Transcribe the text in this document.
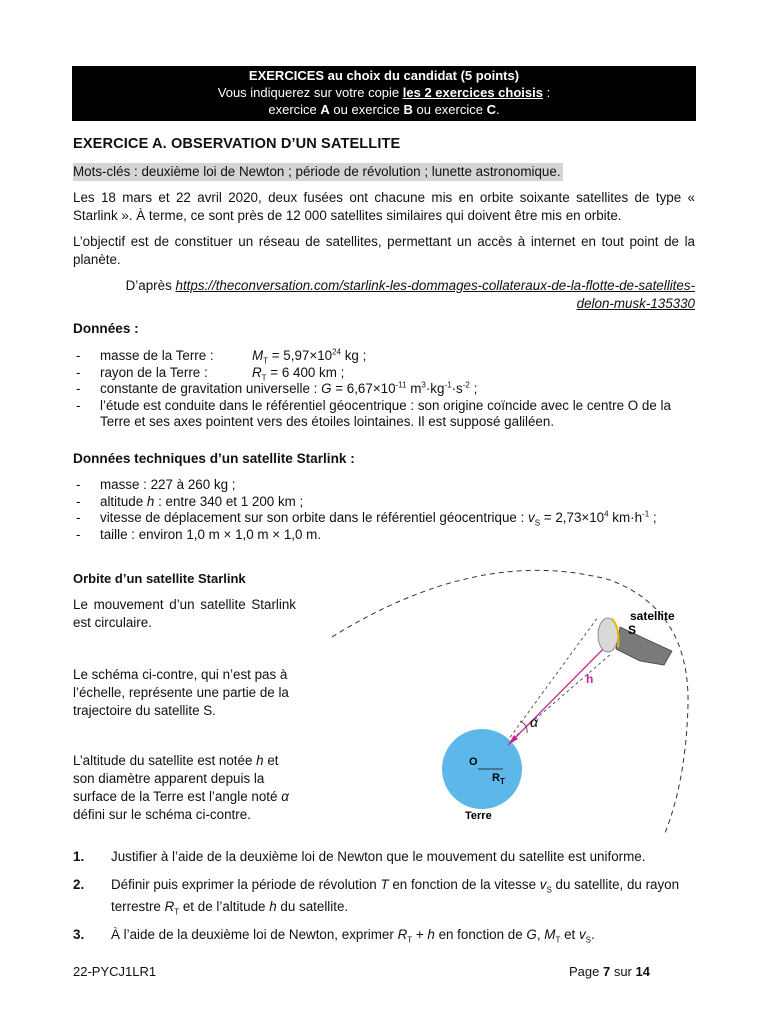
EXERCICES au choix du candidat (5 points)
Vous indiquerez sur votre copie les 2 exercices choisis :
exercice A ou exercice B ou exercice C.
EXERCICE A. OBSERVATION D’UN SATELLITE
Mots-clés : deuxième loi de Newton ; période de révolution ; lunette astronomique.
Les 18 mars et 22 avril 2020, deux fusées ont chacune mis en orbite soixante satellites de type « Starlink ». À terme, ce sont près de 12 000 satellites similaires qui doivent être mis en orbite.
L’objectif est de constituer un réseau de satellites, permettant un accès à internet en tout point de la planète.
D’après https://theconversation.com/starlink-les-dommages-collateraux-de-la-flotte-de-satellites-
delon-musk-135330
Données :
- masse de la Terre :	$M_T = 5,97\times 10^{24}$ kg ;
- rayon de la Terre :	$R_T = 6$ 400 km ;
- constante de gravitation universelle : $G = 6,67\times 10^{-11}$ $m^3\cdot kg^{-1}\cdot s^{-2}$ ;
- l’étude est conduite dans le référentiel géocentrique : son origine coïncide avec le centre O de la Terre et ses axes pointent vers des étoiles lointaines. Il est supposé galiléen.
Données techniques d’un satellite Starlink :
- masse : 227 à 260 kg ;
- altitude h : entre 340 et 1 200 km ;
- vitesse de déplacement sur son orbite dans le référentiel géocentrique : $v_S = 2,73\times 10^4$ $km\cdot h^{-1}$ ;
- taille : environ 1,0 m × 1,0 m × 1,0 m.
Orbite d’un satellite Starlink
Le mouvement d’un satellite Starlink est circulaire.
Le schéma ci-contre, qui n’est pas à l’échelle, représente une partie de la trajectoire du satellite S.
L’altitude du satellite est notée h et son diamètre apparent depuis la surface de la Terre est l’angle noté α défini sur le schéma ci-contre.
satellite
S
h
α
O
$R_T$
Terre
1. Justifier à l’aide de la deuxième loi de Newton que le mouvement du satellite est uniforme.
2. Définir puis exprimer la période de révolution T en fonction de la vitesse $v_S$ du satellite, du rayon terrestre $R_T$ et de l’altitude h du satellite.
3. À l’aide de la deuxième loi de Newton, exprimer $R_T + h$ en fonction de G, $M_T$ et $v_S$.
22-PYCJ1LR1	Page 7 sur 14
